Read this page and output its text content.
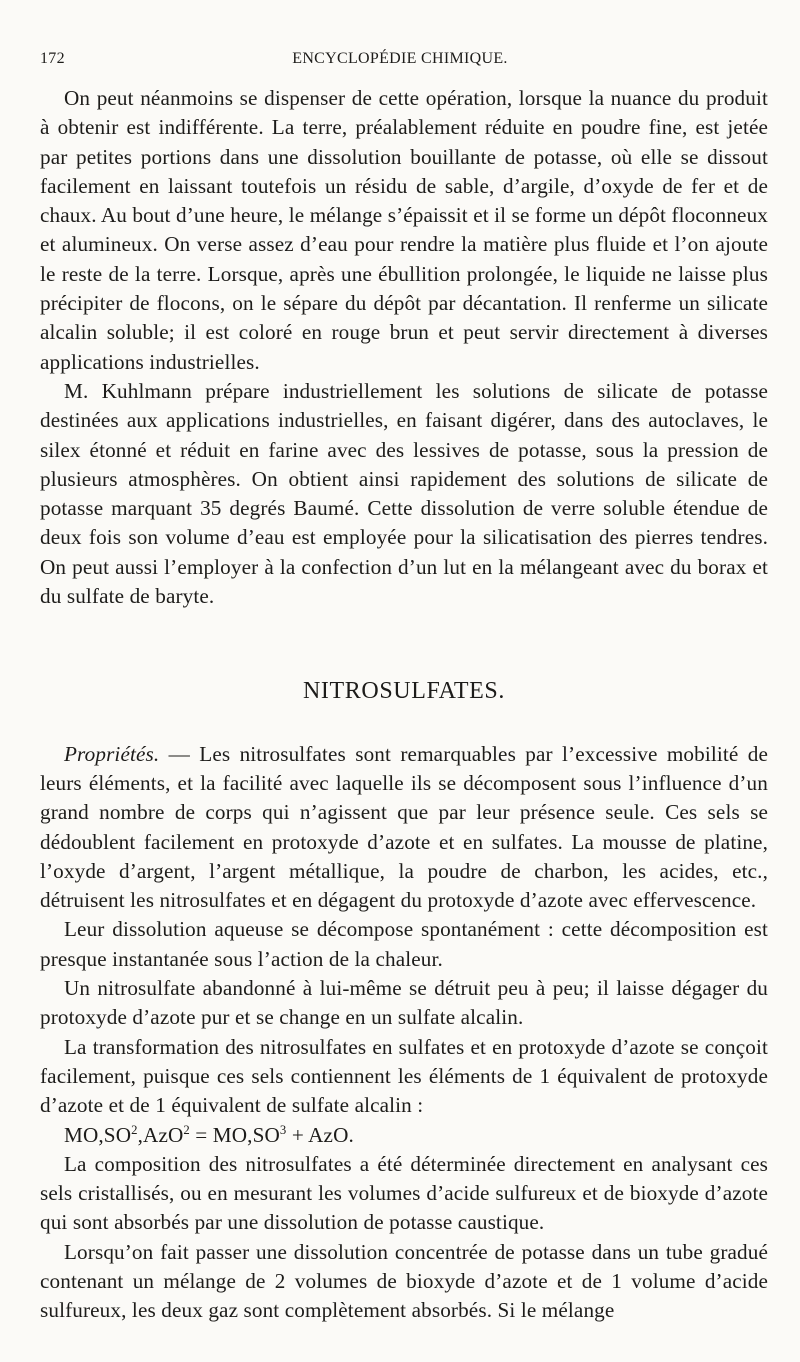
172	ENCYCLOPÉDIE CHIMIQUE.

On peut néanmoins se dispenser de cette opération, lorsque la nuance du produit à obtenir est indifférente. La terre, préalablement réduite en poudre fine, est jetée par petites portions dans une dissolution bouillante de potasse, où elle se dissout facilement en laissant toutefois un résidu de sable, d’argile, d’oxyde de fer et de chaux. Au bout d’une heure, le mélange s’épaissit et il se forme un dépôt floconneux et alumineux. On verse assez d’eau pour rendre la matière plus fluide et l’on ajoute le reste de la terre. Lorsque, après une ébullition prolongée, le liquide ne laisse plus précipiter de flocons, on le sépare du dépôt par décantation. Il renferme un silicate alcalin soluble; il est coloré en rouge brun et peut servir directement à diverses applications industrielles.

M. Kuhlmann prépare industriellement les solutions de silicate de potasse destinées aux applications industrielles, en faisant digérer, dans des autoclaves, le silex étonné et réduit en farine avec des lessives de potasse, sous la pression de plusieurs atmosphères. On obtient ainsi rapidement des solutions de silicate de potasse marquant 35 degrés Baumé. Cette dissolution de verre soluble étendue de deux fois son volume d’eau est employée pour la silicatisation des pierres tendres. On peut aussi l’employer à la confection d’un lut en la mélangeant avec du borax et du sulfate de baryte.

NITROSULFATES.

Propriétés. — Les nitrosulfates sont remarquables par l’excessive mobilité de leurs éléments, et la facilité avec laquelle ils se décomposent sous l’influence d’un grand nombre de corps qui n’agissent que par leur présence seule. Ces sels se dédoublent facilement en protoxyde d’azote et en sulfates. La mousse de platine, l’oxyde d’argent, l’argent métallique, la poudre de charbon, les acides, etc., détruisent les nitrosulfates et en dégagent du protoxyde d’azote avec effervescence.

Leur dissolution aqueuse se décompose spontanément : cette décomposition est presque instantanée sous l’action de la chaleur.

Un nitrosulfate abandonné à lui-même se détruit peu à peu; il laisse dégager du protoxyde d’azote pur et se change en un sulfate alcalin.

La transformation des nitrosulfates en sulfates et en protoxyde d’azote se conçoit facilement, puisque ces sels contiennent les éléments de 1 équivalent de protoxyde d’azote et de 1 équivalent de sulfate alcalin :

$MO,SO^2,AzO^2 = MO,SO^3$ + AzO.

La composition des nitrosulfates a été déterminée directement en analysant ces sels cristallisés, ou en mesurant les volumes d’acide sulfureux et de bioxyde d’azote qui sont absorbés par une dissolution de potasse caustique.

Lorsqu’on fait passer une dissolution concentrée de potasse dans un tube gradué contenant un mélange de 2 volumes de bioxyde d’azote et de 1 volume d’acide sulfureux, les deux gaz sont complètement absorbés. Si le mélange
